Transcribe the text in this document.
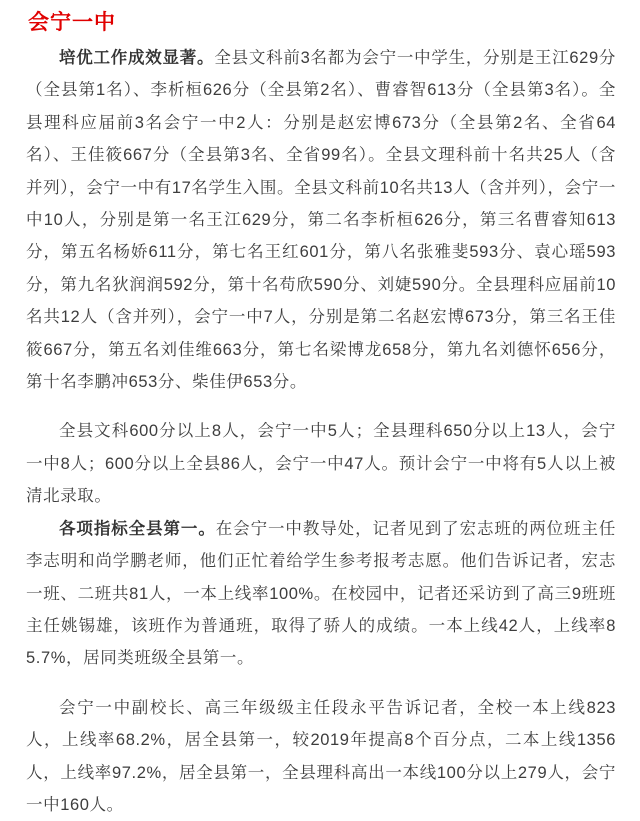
会宁一中

培优工作成效显著。全县文科前3名都为会宁一中学生，分别是王江629分（全县第1名）、李析桓626分（全县第2名）、曹睿智613分（全县第3名）。全县理科应届前3名会宁一中2人：分别是赵宏博673分（全县第2名、全省64名）、王佳筱667分（全县第3名、全省99名）。全县文理科前十名共25人（含并列），会宁一中有17名学生入围。全县文科前10名共13人（含并列），会宁一中10人，分别是第一名王江629分，第二名李析桓626分，第三名曹睿知613分，第五名杨娇611分，第七名王红601分，第八名张雅斐593分、袁心瑶593分，第九名狄润润592分，第十名苟欣590分、刘婕590分。全县理科应届前10名共12人（含并列），会宁一中7人，分别是第二名赵宏博673分，第三名王佳筱667分，第五名刘佳维663分，第七名梁博龙658分，第九名刘德怀656分，第十名李鹏冲653分、柴佳伊653分。

全县文科600分以上8人，会宁一中5人；全县理科650分以上13人，会宁一中8人；600分以上全县86人，会宁一中47人。预计会宁一中将有5人以上被清北录取。

各项指标全县第一。在会宁一中教导处，记者见到了宏志班的两位班主任李志明和尚学鹏老师，他们正忙着给学生参考报考志愿。他们告诉记者，宏志一班、二班共81人，一本上线率100%。在校园中，记者还采访到了高三9班班主任姚锡雄，该班作为普通班，取得了骄人的成绩。一本上线42人，上线率85.7%，居同类班级全县第一。

会宁一中副校长、高三年级级主任段永平告诉记者，全校一本上线823人，上线率68.2%，居全县第一，较2019年提高8个百分点，二本上线1356人，上线率97.2%，居全县第一，全县理科高出一本线100分以上279人，会宁一中160人。
